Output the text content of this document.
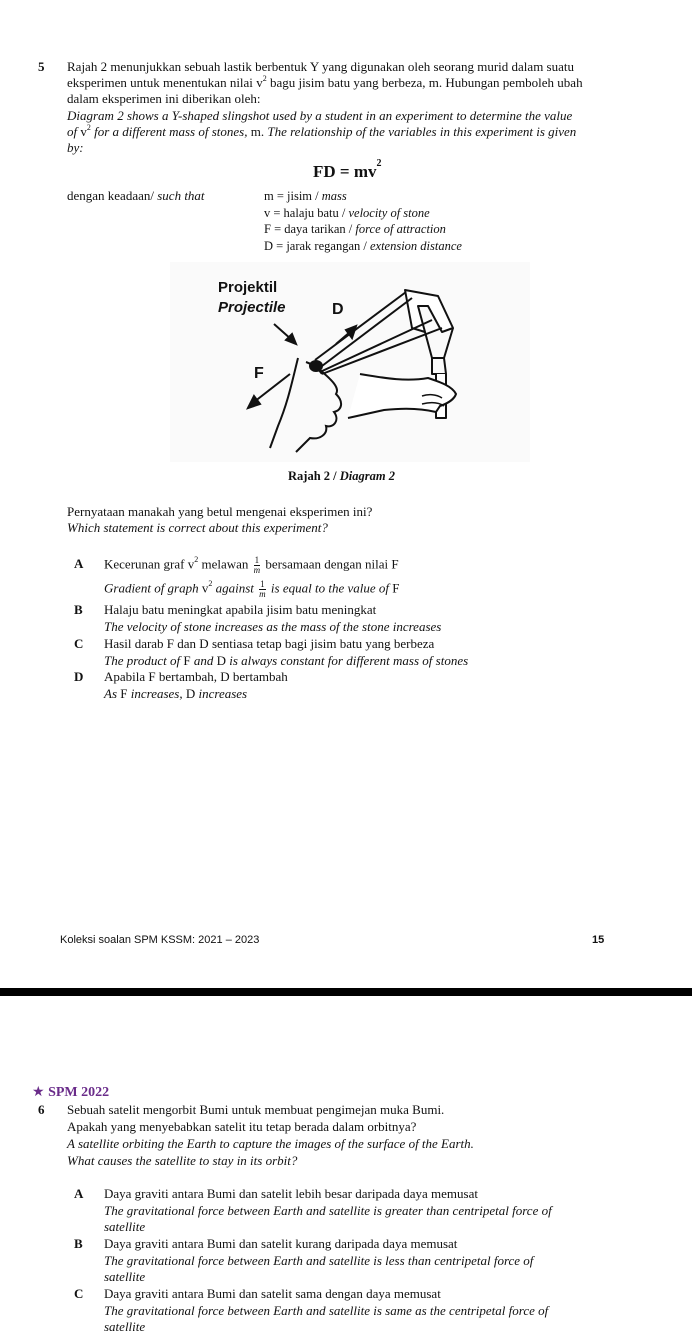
5 Rajah 2 menunjukkan sebuah lastik berbentuk Y yang digunakan oleh seorang murid dalam suatu
eksperimen untuk menentukan nilai $v^2$ bagu jisim batu yang berbeza, m. Hubungan pemboleh ubah
dalam eksperimen ini diberikan oleh:
Diagram 2 shows a Y-shaped slingshot used by a student in an experiment to determine the value
of $v^2$ for a different mass of stones, m. The relationship of the variables in this experiment is given
by:
FD = $mv^2$
dengan keadaan/ such that	m = jisim / mass
v = halaju batu / velocity of stone
F = daya tarikan / force of attraction
D = jarak regangan / extension distance
Projektil
Projectile	D
F
Rajah 2 / Diagram 2
Pernyataan manakah yang betul mengenai eksperimen ini?
Which statement is correct about this experiment?
A Kecerunan graf $v^2$ melawan $\frac{1}{m}$ bersamaan dengan nilai F
Gradient of graph $v^2$ against $\frac{1}{m}$ is equal to the value of F
B Halaju batu meningkat apabila jisim batu meningkat
The velocity of stone increases as the mass of the stone increases
C Hasil darab F dan D sentiasa tetap bagi jisim batu yang berbeza
The product of F and D is always constant for different mass of stones
D Apabila F bertambah, D bertambah
As F increases, D increases
Koleksi soalan SPM KSSM: 2021 – 2023	15
★ SPM 2022
6 Sebuah satelit mengorbit Bumi untuk membuat pengimejan muka Bumi.
Apakah yang menyebabkan satelit itu tetap berada dalam orbitnya?
A satellite orbiting the Earth to capture the images of the surface of the Earth.
What causes the satellite to stay in its orbit?
A Daya graviti antara Bumi dan satelit lebih besar daripada daya memusat
The gravitational force between Earth and satellite is greater than centripetal force of
satellite
B Daya graviti antara Bumi dan satelit kurang daripada daya memusat
The gravitational force between Earth and satellite is less than centripetal force of
satellite
C Daya graviti antara Bumi dan satelit sama dengan daya memusat
The gravitational force between Earth and satellite is same as the centripetal force of
satellite
